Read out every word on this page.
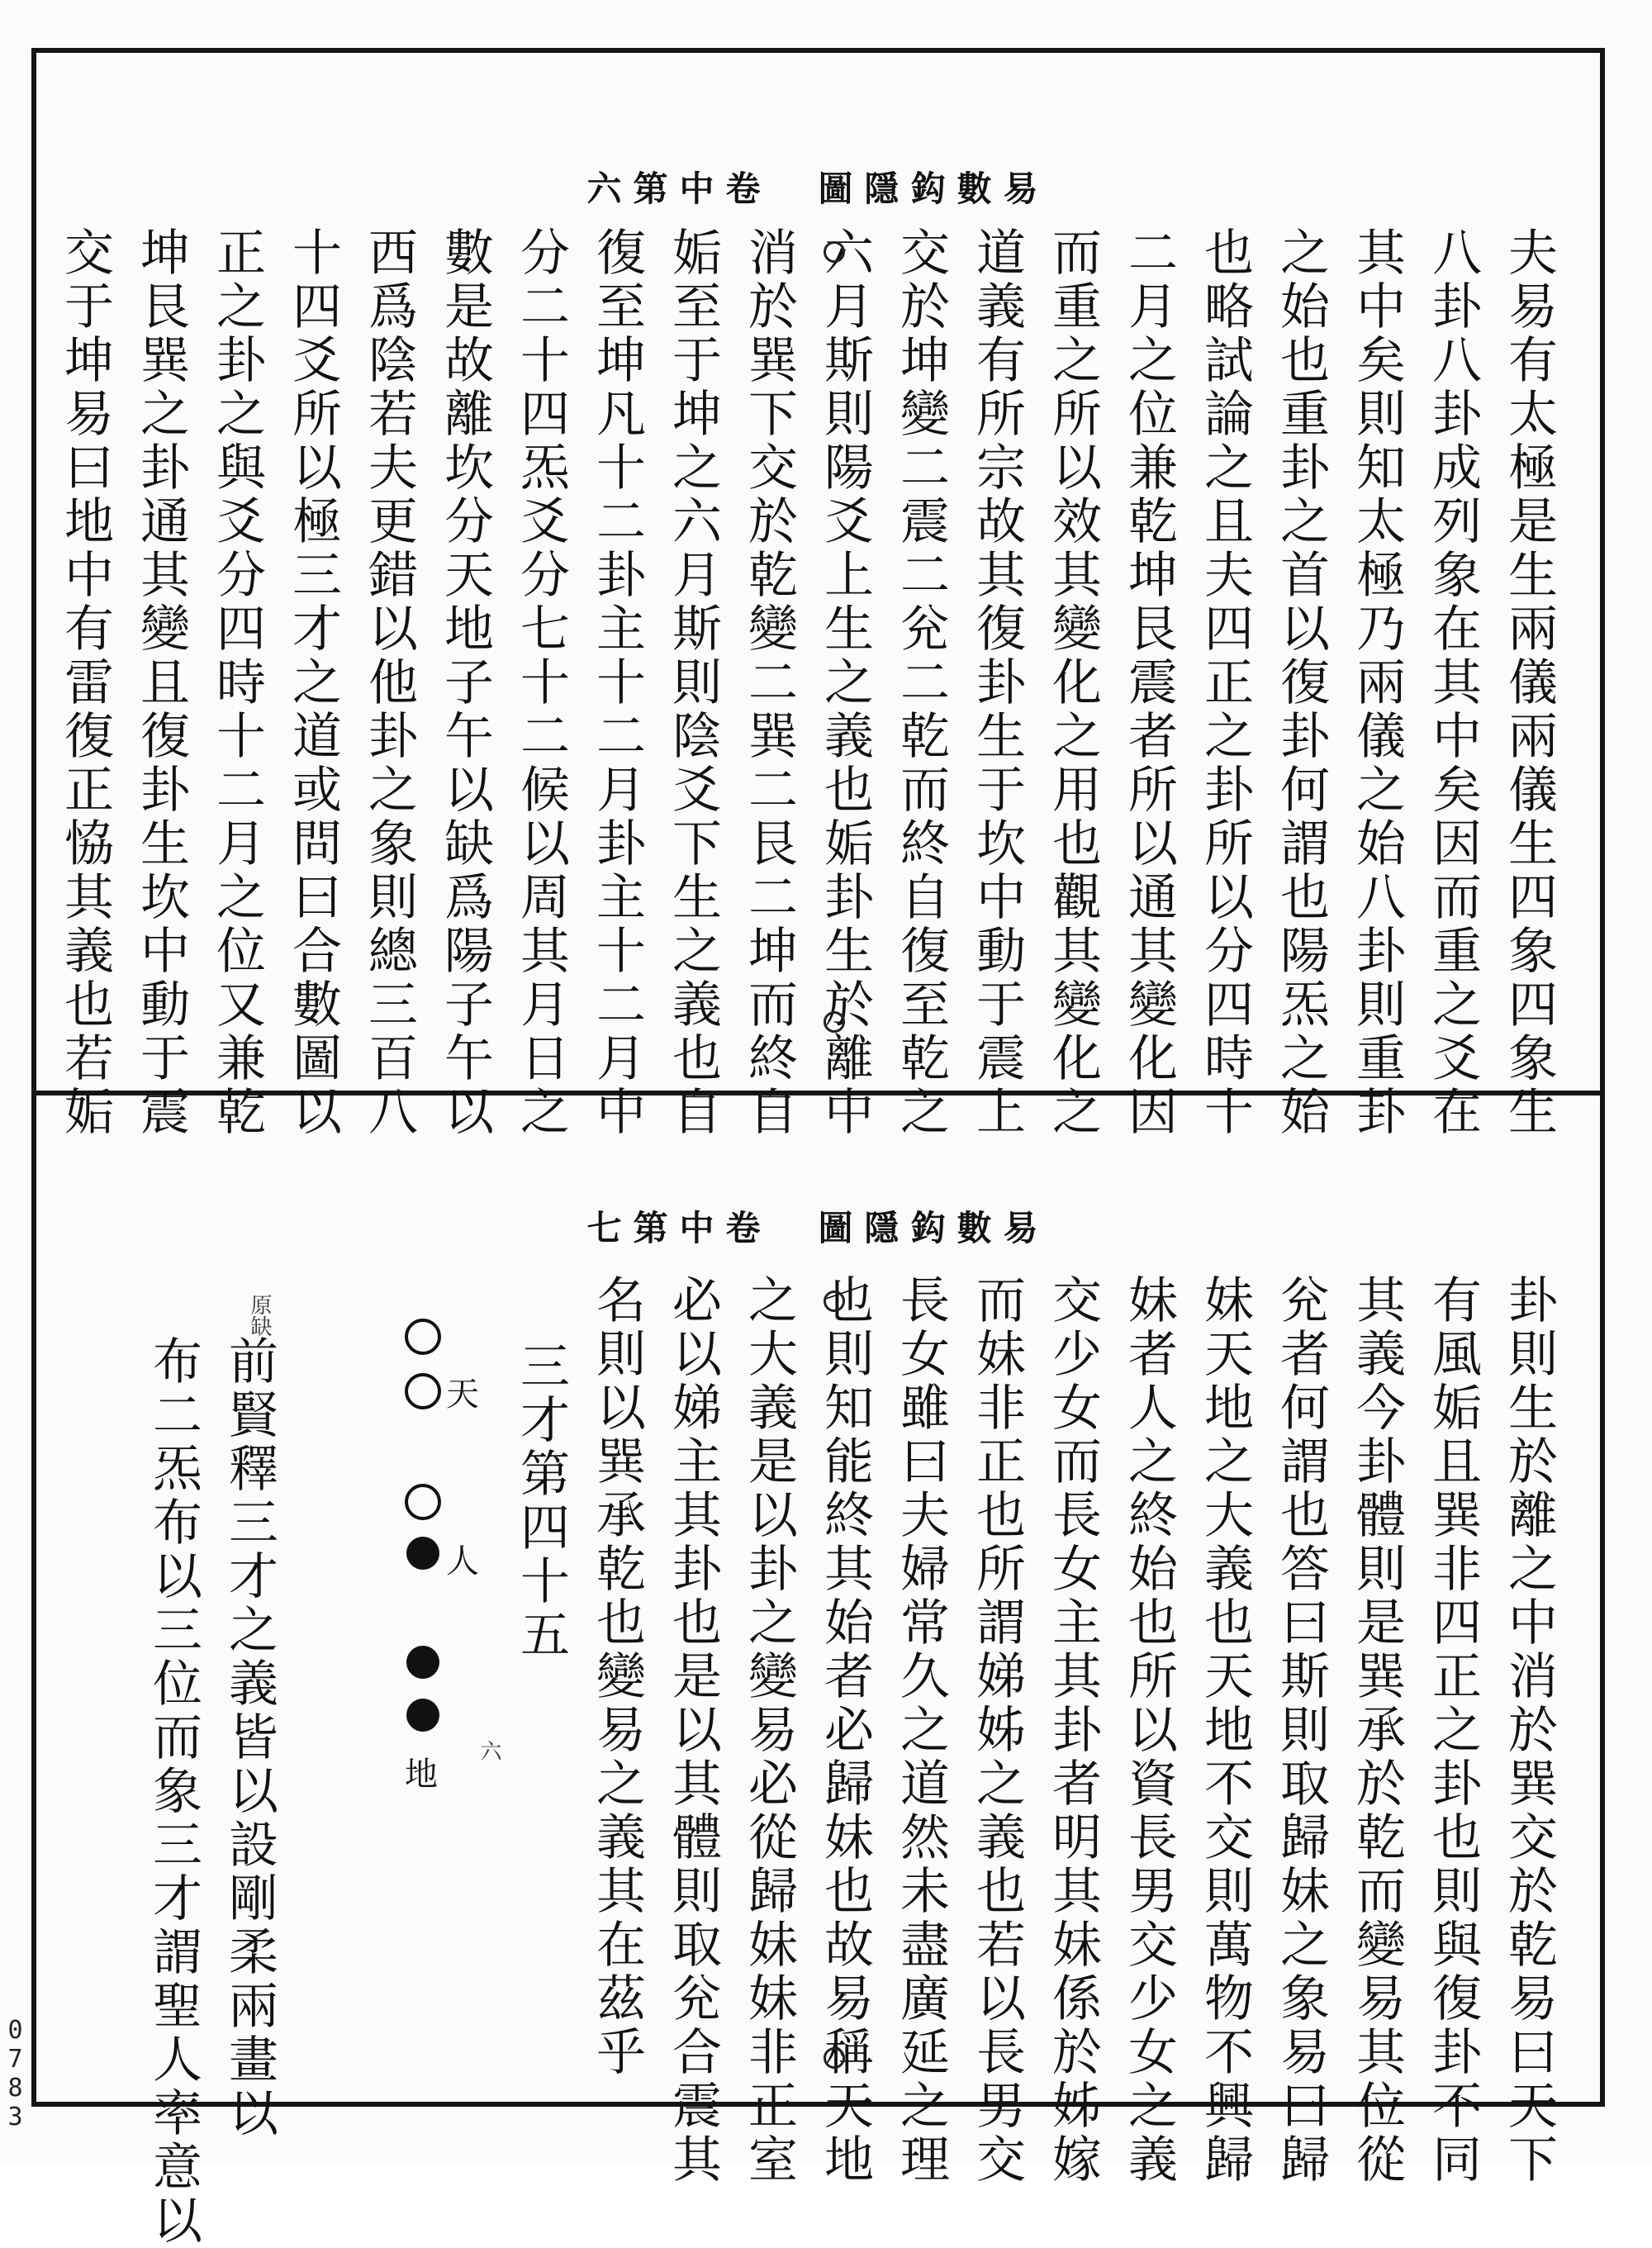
易數鈎隱圖　卷中第六
夫易有太極是生兩儀兩儀生四象四象生
八卦八卦成列象在其中矣因而重之爻在
其中矣則知太極乃兩儀之始八卦則重卦
之始也重卦之首以復卦何謂也陽炁之始
也略試論之且夫四正之卦所以分四時十
二月之位兼乾坤艮震者所以通其變化因
而重之所以效其變化之用也觀其變化之
道義有所宗故其復卦生于坎中動于震上
交於坤變二震二兊二乾而終自復至乾之
六月斯則陽爻上生之義也姤卦生於離中
消於巽下交於乾變二巽二艮二坤而終自
姤至于坤之六月斯則陰爻下生之義也自
復至坤凡十二卦主十二月卦主十二月中
分二十四炁爻分七十二候以周其月日之
數是故離坎分天地子午以缺爲陽子午以
西爲陰若夫更錯以他卦之象則總三百八
十四爻所以極三才之道或問曰合數圖以
正之卦之與爻分四時十二月之位又兼乾
坤艮巽之卦通其變且復卦生坎中動于震
交于坤易曰地中有雷復正恊其義也若姤
易數鈎隱圖　卷中第七
卦則生於離之中消於巽交於乾易曰天下
有風姤且巽非四正之卦也則與復卦不同
其義今卦體則是巽承於乾而變易其位從
兊者何謂也答曰斯則取歸妹之象易曰歸
妹天地之大義也天地不交則萬物不興歸
妹者人之終始也所以資長男交少女之義
交少女而長女主其卦者明其妹係於姊嫁
而妹非正也所謂娣姊之義也若以長男交
長女雖曰夫婦常久之道然未盡廣延之理
也則知能終其始者必歸妹也故易稱天地
之大義是以卦之變易必從歸妹妹非正室
必以娣主其卦也是以其體則取兊合震其
名則以巽承乾也變易之義其在茲乎
三才第四十五
天
人
地
六
原缺
前賢釋三才之義皆以設剛柔兩畫以
布二炁布以三位而象三才謂聖人率意以
0783
